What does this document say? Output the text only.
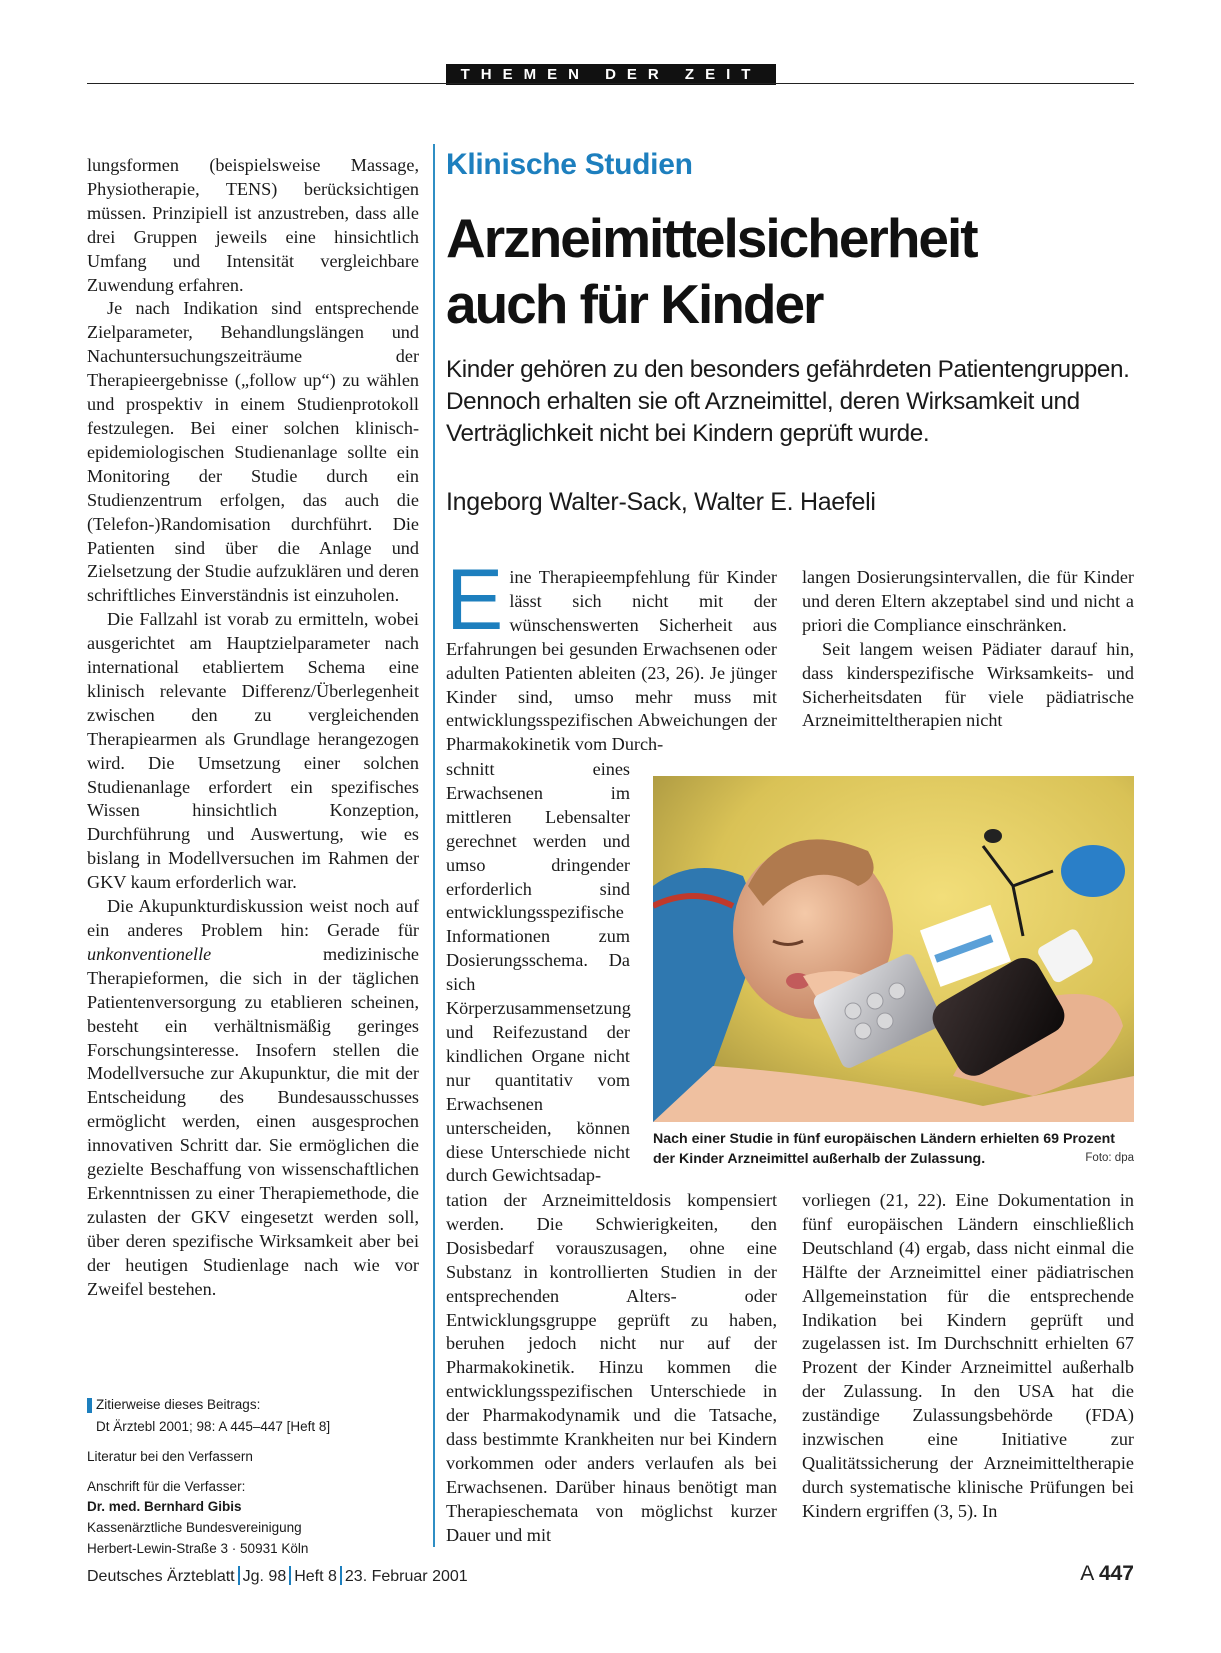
THEMEN DER ZEIT

lungsformen (beispielsweise Massage, Physiotherapie, TENS) berücksichtigen müssen. Prinzipiell ist anzustreben, dass alle drei Gruppen jeweils eine hinsichtlich Umfang und Intensität vergleichbare Zuwendung erfahren.

Je nach Indikation sind entsprechende Zielparameter, Behandlungslängen und Nachuntersuchungszeiträume der Therapieergebnisse („follow up“) zu wählen und prospektiv in einem Studienprotokoll festzulegen. Bei einer solchen klinisch-epidemiologischen Studienanlage sollte ein Monitoring der Studie durch ein Studienzentrum erfolgen, das auch die (Telefon-)Randomisation durchführt. Die Patienten sind über die Anlage und Zielsetzung der Studie aufzuklären und deren schriftliches Einverständnis ist einzuholen.

Die Fallzahl ist vorab zu ermitteln, wobei ausgerichtet am Hauptzielparameter nach international etabliertem Schema eine klinisch relevante Differenz/Überlegenheit zwischen den zu vergleichenden Therapiearmen als Grundlage herangezogen wird. Die Umsetzung einer solchen Studienanlage erfordert ein spezifisches Wissen hinsichtlich Konzeption, Durchführung und Auswertung, wie es bislang in Modellversuchen im Rahmen der GKV kaum erforderlich war.

Die Akupunkturdiskussion weist noch auf ein anderes Problem hin: Gerade für unkonventionelle medizinische Therapieformen, die sich in der täglichen Patientenversorgung zu etablieren scheinen, besteht ein verhältnismäßig geringes Forschungsinteresse. Insofern stellen die Modellversuche zur Akupunktur, die mit der Entscheidung des Bundesausschusses ermöglicht werden, einen ausgesprochen innovativen Schritt dar. Sie ermöglichen die gezielte Beschaffung von wissenschaftlichen Erkenntnissen zu einer Therapiemethode, die zulasten der GKV eingesetzt werden soll, über deren spezifische Wirksamkeit aber bei der heutigen Studienlage nach wie vor Zweifel bestehen.

Zitierweise dieses Beitrags:
Dt Ärztebl 2001; 98: A 445–447 [Heft 8]
Literatur bei den Verfassern
Anschrift für die Verfasser:
Dr. med. Bernhard Gibis
Kassenärztliche Bundesvereinigung
Herbert-Lewin-Straße 3 · 50931 Köln
Klinische Studien
Arzneimittelsicherheit
auch für Kinder
Kinder gehören zu den besonders gefährdeten Patientengruppen. Dennoch erhalten sie oft Arzneimittel, deren Wirksamkeit und Verträglichkeit nicht bei Kindern geprüft wurde.
Ingeborg Walter-Sack, Walter E. Haefeli
Eine Therapieempfehlung für Kinder lässt sich nicht mit der wünschenswerten Sicherheit aus Erfahrungen bei gesunden Erwachsenen oder adulten Patienten ableiten (23, 26). Je jünger Kinder sind, umso mehr muss mit entwicklungsspezifischen Abweichungen der Pharmakokinetik vom Durch-
schnitt eines Erwachsenen im mittleren Lebensalter gerechnet werden und umso dringender erforderlich sind entwicklungsspezifische Informationen zum Dosierungsschema. Da sich Körperzusammensetzung und Reifezustand der kindlichen Organe nicht nur quantitativ vom Erwachsenen unterscheiden, können diese Unterschiede nicht durch Gewichtsadap-
tation der Arzneimitteldosis kompensiert werden. Die Schwierigkeiten, den Dosisbedarf vorauszusagen, ohne eine Substanz in kontrollierten Studien in der entsprechenden Alters- oder Entwicklungsgruppe geprüft zu haben, beruhen jedoch nicht nur auf der Pharmakokinetik. Hinzu kommen die entwicklungsspezifischen Unterschiede in der Pharmakodynamik und die Tatsache, dass bestimmte Krankheiten nur bei Kindern vorkommen oder anders verlaufen als bei Erwachsenen. Darüber hinaus benötigt man Therapieschemata von möglichst kurzer Dauer und mit

langen Dosierungsintervallen, die für Kinder und deren Eltern akzeptabel sind und nicht a priori die Compliance einschränken.

Seit langem weisen Pädiater darauf hin, dass kinderspezifische Wirksamkeits- und Sicherheitsdaten für viele pädiatrische Arzneimitteltherapien nicht

vorliegen (21, 22). Eine Dokumentation in fünf europäischen Ländern einschließlich Deutschland (4) ergab, dass nicht einmal die Hälfte der Arzneimittel einer pädiatrischen Allgemeinstation für die entsprechende Indikation bei Kindern geprüft und zugelassen ist. Im Durchschnitt erhielten 67 Prozent der Kinder Arzneimittel außerhalb der Zulassung. In den USA hat die zuständige Zulassungsbehörde (FDA) inzwischen eine Initiative zur Qualitätssicherung der Arzneimitteltherapie durch systematische klinische Prüfungen bei Kindern ergriffen (3, 5). In
Nach einer Studie in fünf europäischen Ländern erhielten 69 Prozent der Kinder Arzneimittel außerhalb der Zulassung.	Foto: dpa
Deutsches Ärzteblatt Jg. 98 Heft 8 23. Februar 2001	A 447
